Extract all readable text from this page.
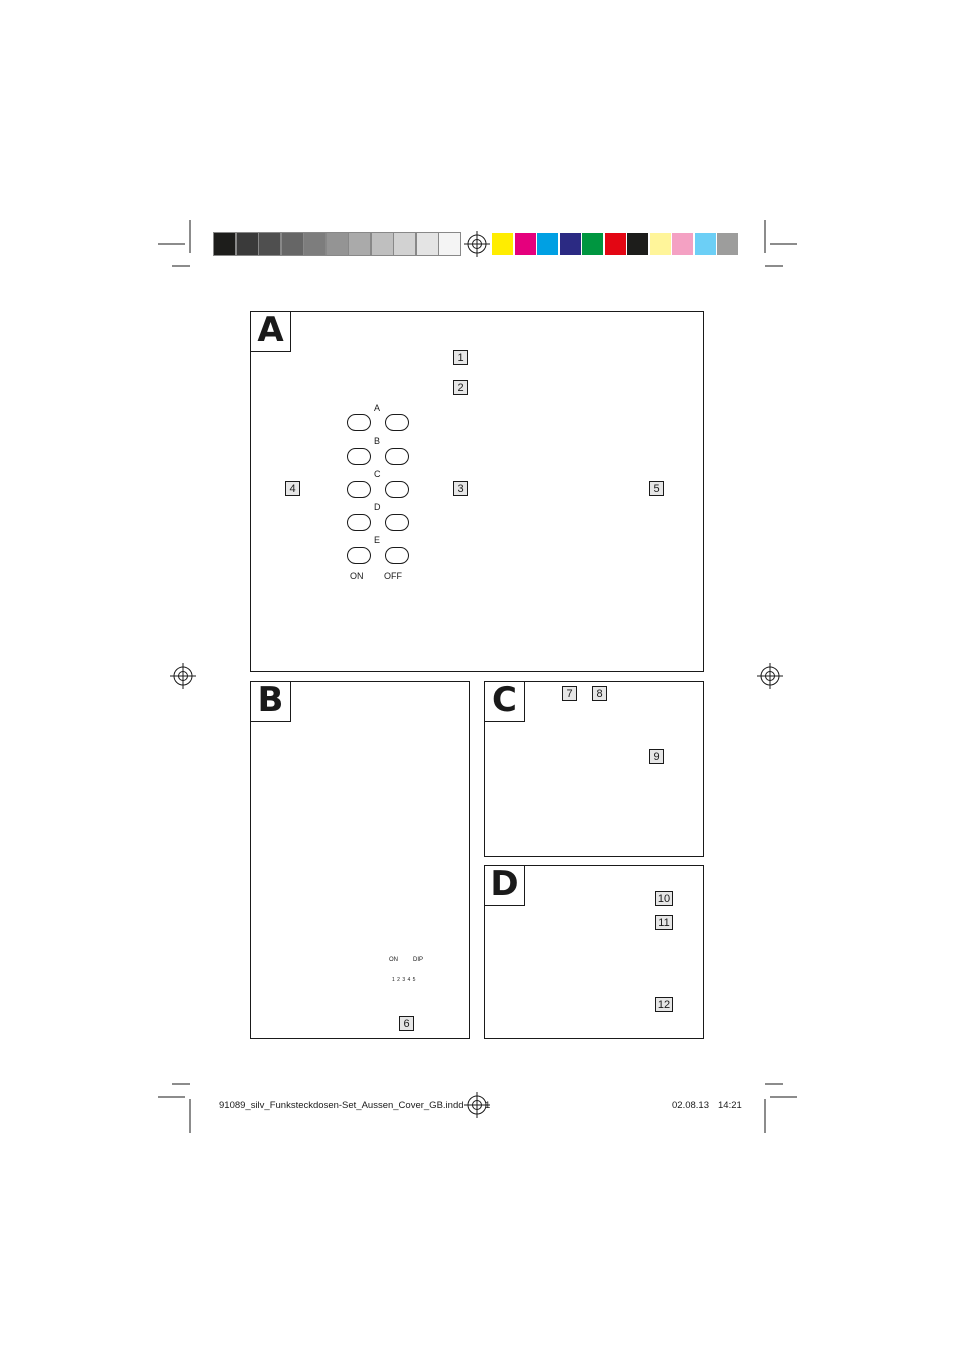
A
A
B
C
D
E
ON OFF
1
2
3
4	5
B
ON	DIP
1 2 3 4 5
6
C	7	8
9
D	10
11
12
91089_silv_Funksteckdosen-Set_Aussen_Cover_GB.indd 1	02.08.13 14:21
